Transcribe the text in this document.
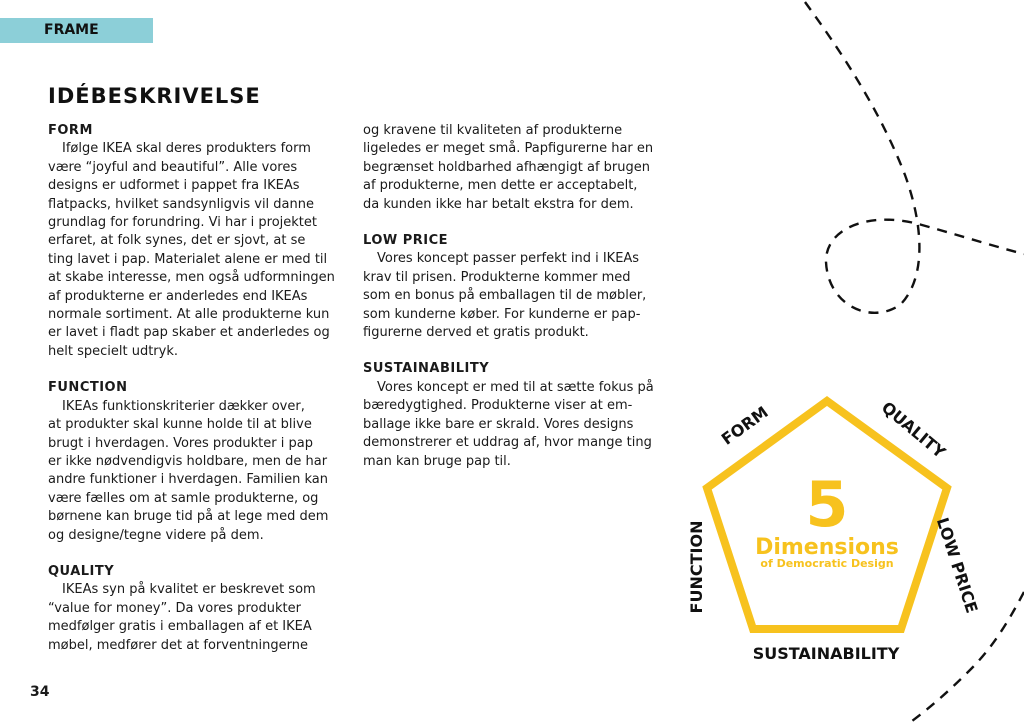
FRAME
IDÉBESKRIVELSE
FORM

Ifølge IKEA skal deres produkters form
være “joyful and beautiful”. Alle vores
designs er udformet i pappet fra IKEAs
flatpacks, hvilket sandsynligvis vil danne
grundlag for forundring. Vi har i projektet
erfaret, at folk synes, det er sjovt, at se
ting lavet i pap. Materialet alene er med til
at skabe interesse, men også udformningen
af produkterne er anderledes end IKEAs
normale sortiment. At alle produkterne kun
er lavet i fladt pap skaber et anderledes og
helt specielt udtryk.

FUNCTION

IKEAs funktionskriterier dækker over,
at produkter skal kunne holde til at blive
brugt i hverdagen. Vores produkter i pap
er ikke nødvendigvis holdbare, men de har
andre funktioner i hverdagen. Familien kan
være fælles om at samle produkterne, og
børnene kan bruge tid på at lege med dem
og designe/tegne videre på dem.

QUALITY

IKEAs syn på kvalitet er beskrevet som
“value for money”. Da vores produkter
medfølger gratis i emballagen af et IKEA
møbel, medfører det at forventningerne

og kravene til kvaliteten af produkterne
ligeledes er meget små. Papfigurerne har en
begrænset holdbarhed afhængigt af brugen
af produkterne, men dette er acceptabelt,
da kunden ikke har betalt ekstra for dem.

LOW PRICE

Vores koncept passer perfekt ind i IKEAs
krav til prisen. Produkterne kommer med
som en bonus på emballagen til de møbler,
som kunderne køber. For kunderne er pap-
figurerne derved et gratis produkt.

SUSTAINABILITY

Vores koncept er med til at sætte fokus på
bæredygtighed. Produkterne viser at em-
ballage ikke bare er skrald. Vores designs
demonstrerer et uddrag af, hvor mange ting
man kan bruge pap til.

5
Dimensions
of Democratic Design
FORM	QUALITY
LOW PRICE
SUSTAINABILITY
FUNCTION
34
